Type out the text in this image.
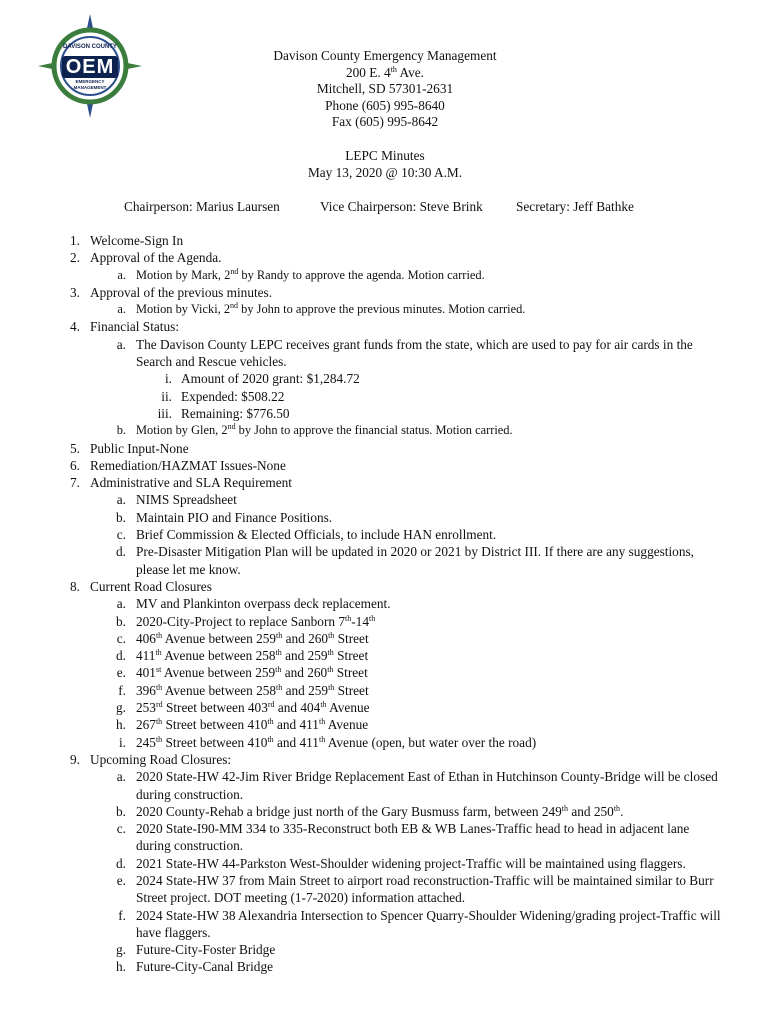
OEM
DAVISON COUNTY
EMERGENCY MANAGEMENT
Davison County Emergency Management
200 E. 4th Ave.
Mitchell, SD 57301-2631
Phone (605) 995-8640
Fax (605) 995-8642
LEPC Minutes
May 13, 2020 @ 10:30 A.M.
Chairperson: Marius Laursen	Vice Chairperson: Steve Brink Secretary: Jeff Bathke
1. Welcome-Sign In
2. Approval of the Agenda.
a. Motion by Mark, 2nd by Randy to approve the agenda. Motion carried.
3. Approval of the previous minutes.
a. Motion by Vicki, 2nd by John to approve the previous minutes. Motion carried.
4. Financial Status:
a. The Davison County LEPC receives grant funds from the state, which are used to pay for air cards in the Search and Rescue vehicles.
i. Amount of 2020 grant: $1,284.72
ii. Expended: $508.22
iii. Remaining: $776.50
b. Motion by Glen, 2nd by John to approve the financial status. Motion carried.
5. Public Input-None
6. Remediation/HAZMAT Issues-None
7. Administrative and SLA Requirement
a. NIMS Spreadsheet
b. Maintain PIO and Finance Positions.
c. Brief Commission & Elected Officials, to include HAN enrollment.
d. Pre-Disaster Mitigation Plan will be updated in 2020 or 2021 by District III. If there are any suggestions, please let me know.
8. Current Road Closures
a. MV and Plankinton overpass deck replacement.
b. 2020-City-Project to replace Sanborn 7th-14th
c. 406th Avenue between 259th and 260th Street
d. 411th Avenue between 258th and 259th Street
e. 401st Avenue between 259th and 260th Street
f. 396th Avenue between 258th and 259th Street
g. 253rd Street between 403rd and 404th Avenue
h. 267th Street between 410th and 411th Avenue
i. 245th Street between 410th and 411th Avenue (open, but water over the road)
9. Upcoming Road Closures:
a. 2020 State-HW 42-Jim River Bridge Replacement East of Ethan in Hutchinson County-Bridge will be closed during construction.
b. 2020 County-Rehab a bridge just north of the Gary Busmuss farm, between 249th and 250th.
c. 2020 State-I90-MM 334 to 335-Reconstruct both EB & WB Lanes-Traffic head to head in adjacent lane during construction.
d. 2021 State-HW 44-Parkston West-Shoulder widening project-Traffic will be maintained using flaggers.
e. 2024 State-HW 37 from Main Street to airport road reconstruction-Traffic will be maintained similar to Burr Street project. DOT meeting (1-7-2020) information attached.
f. 2024 State-HW 38 Alexandria Intersection to Spencer Quarry-Shoulder Widening/grading project-Traffic will have flaggers.
g. Future-City-Foster Bridge
h. Future-City-Canal Bridge
